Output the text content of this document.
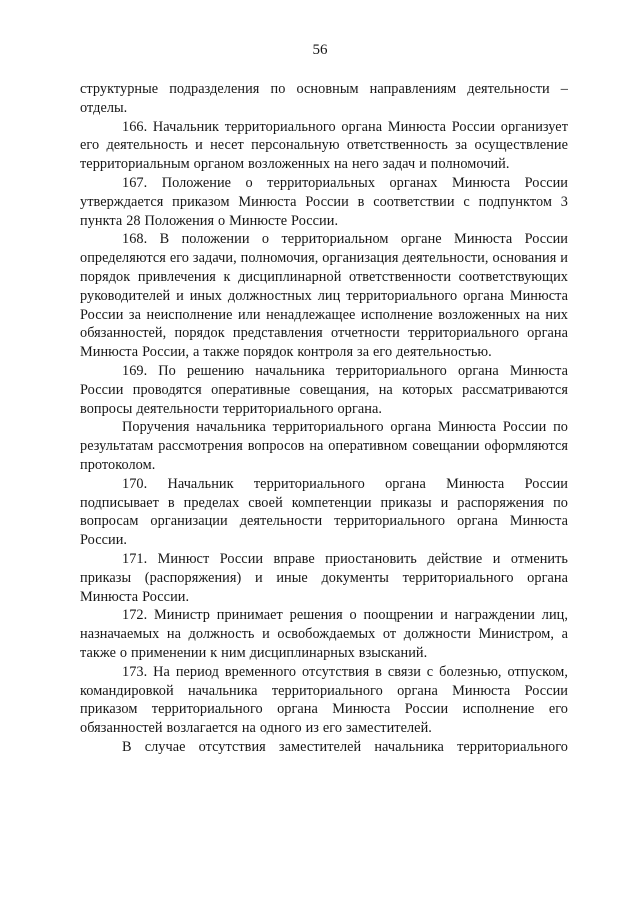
56

структурные подразделения по основным направлениям деятельности – отделы.

166. Начальник территориального органа Минюста России организует его деятельность и несет персональную ответственность за осуществление территориальным органом возложенных на него задач и полномочий.

167. Положение о территориальных органах Минюста России утверждается приказом Минюста России в соответствии с подпунктом 3 пункта 28 Положения о Минюсте России.

168. В положении о территориальном органе Минюста России определяются его задачи, полномочия, организация деятельности, основания и порядок привлечения к дисциплинарной ответственности соответствующих руководителей и иных должностных лиц территориального органа Минюста России за неисполнение или ненадлежащее исполнение возложенных на них обязанностей, порядок представления отчетности территориального органа Минюста России, а также порядок контроля за его деятельностью.

169. По решению начальника территориального органа Минюста России проводятся оперативные совещания, на которых рассматриваются вопросы деятельности территориального органа.

Поручения начальника территориального органа Минюста России по результатам рассмотрения вопросов на оперативном совещании оформляются протоколом.

170. Начальник территориального органа Минюста России подписывает в пределах своей компетенции приказы и распоряжения по вопросам организации деятельности территориального органа Минюста России.

171. Минюст России вправе приостановить действие и отменить приказы (распоряжения) и иные документы территориального органа Минюста России.

172. Министр принимает решения о поощрении и награждении лиц, назначаемых на должность и освобождаемых от должности Министром, а также о применении к ним дисциплинарных взысканий.

173. На период временного отсутствия в связи с болезнью, отпуском, командировкой начальника территориального органа Минюста России приказом территориального органа Минюста России исполнение его обязанностей возлагается на одного из его заместителей.

В случае отсутствия заместителей начальника территориального
